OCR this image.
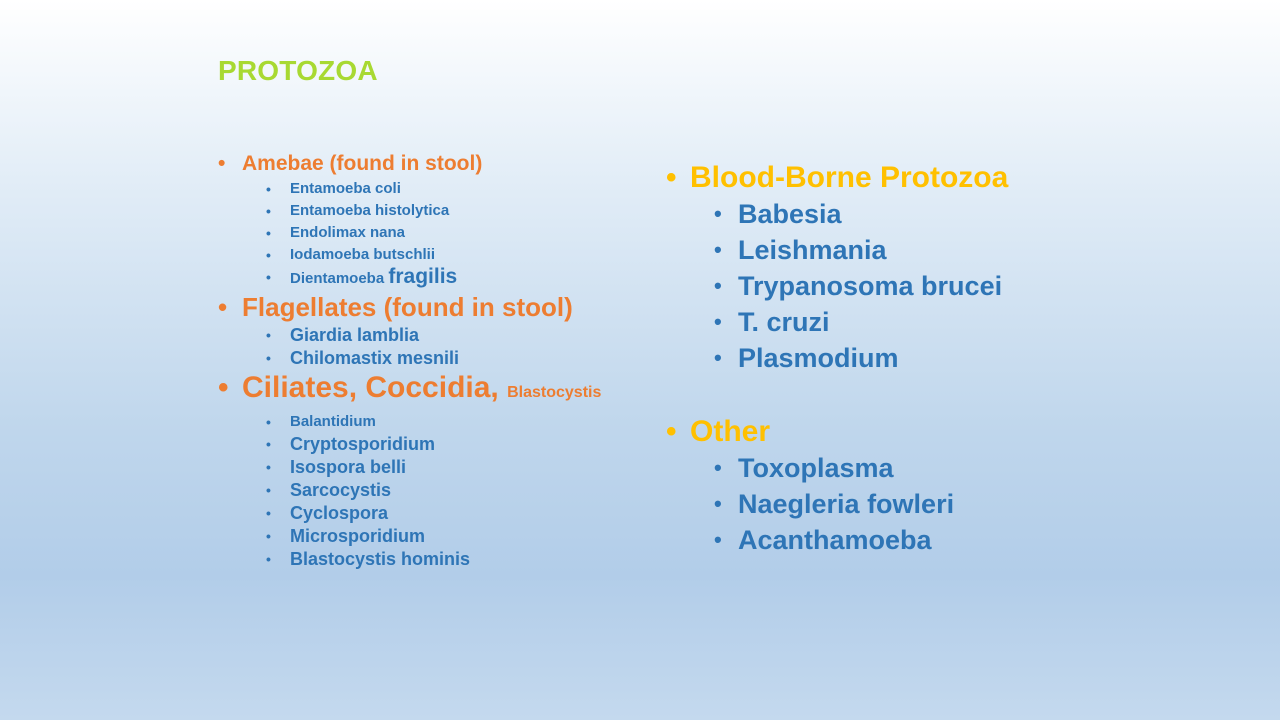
PROTOZOA
• Amebae (found in stool)
• Entamoeba coli
• Entamoeba histolytica
• Endolimax nana
• Iodamoeba butschlii
• Dientamoeba fragilis
• Flagellates (found in stool)
• Giardia lamblia
• Chilomastix mesnili
• Ciliates, Coccidia, Blastocystis
• Balantidium
• Cryptosporidium
• Isospora belli
• Sarcocystis
• Cyclospora
• Microsporidium
• Blastocystis hominis
• Blood-Borne Protozoa
• Babesia
• Leishmania
• Trypanosoma brucei
• T. cruzi
• Plasmodium
• Other
• Toxoplasma
• Naegleria fowleri
• Acanthamoeba
